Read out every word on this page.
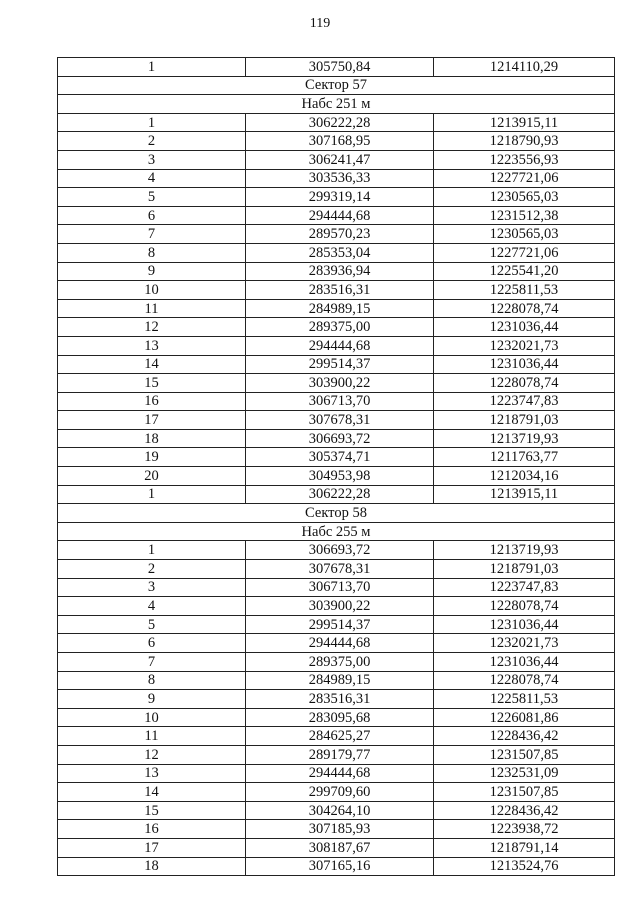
119
1	305750,84	1214110,29
Сектор 57		
Набс 251 м		
1	306222,28	1213915,11
2	307168,95	1218790,93
3	306241,47	1223556,93
4	303536,33	1227721,06
5	299319,14	1230565,03
6	294444,68	1231512,38
7	289570,23	1230565,03
8	285353,04	1227721,06
9	283936,94	1225541,20
10	283516,31	1225811,53
11	284989,15	1228078,74
12	289375,00	1231036,44
13	294444,68	1232021,73
14	299514,37	1231036,44
15	303900,22	1228078,74
16	306713,70	1223747,83
17	307678,31	1218791,03
18	306693,72	1213719,93
19	305374,71	1211763,77
20	304953,98	1212034,16
1	306222,28	1213915,11
Сектор 58		
Набс 255 м		
1	306693,72	1213719,93
2	307678,31	1218791,03
3	306713,70	1223747,83
4	303900,22	1228078,74
5	299514,37	1231036,44
6	294444,68	1232021,73
7	289375,00	1231036,44
8	284989,15	1228078,74
9	283516,31	1225811,53
10	283095,68	1226081,86
11	284625,27	1228436,42
12	289179,77	1231507,85
13	294444,68	1232531,09
14	299709,60	1231507,85
15	304264,10	1228436,42
16	307185,93	1223938,72
17	308187,67	1218791,14
18	307165,16	1213524,76
